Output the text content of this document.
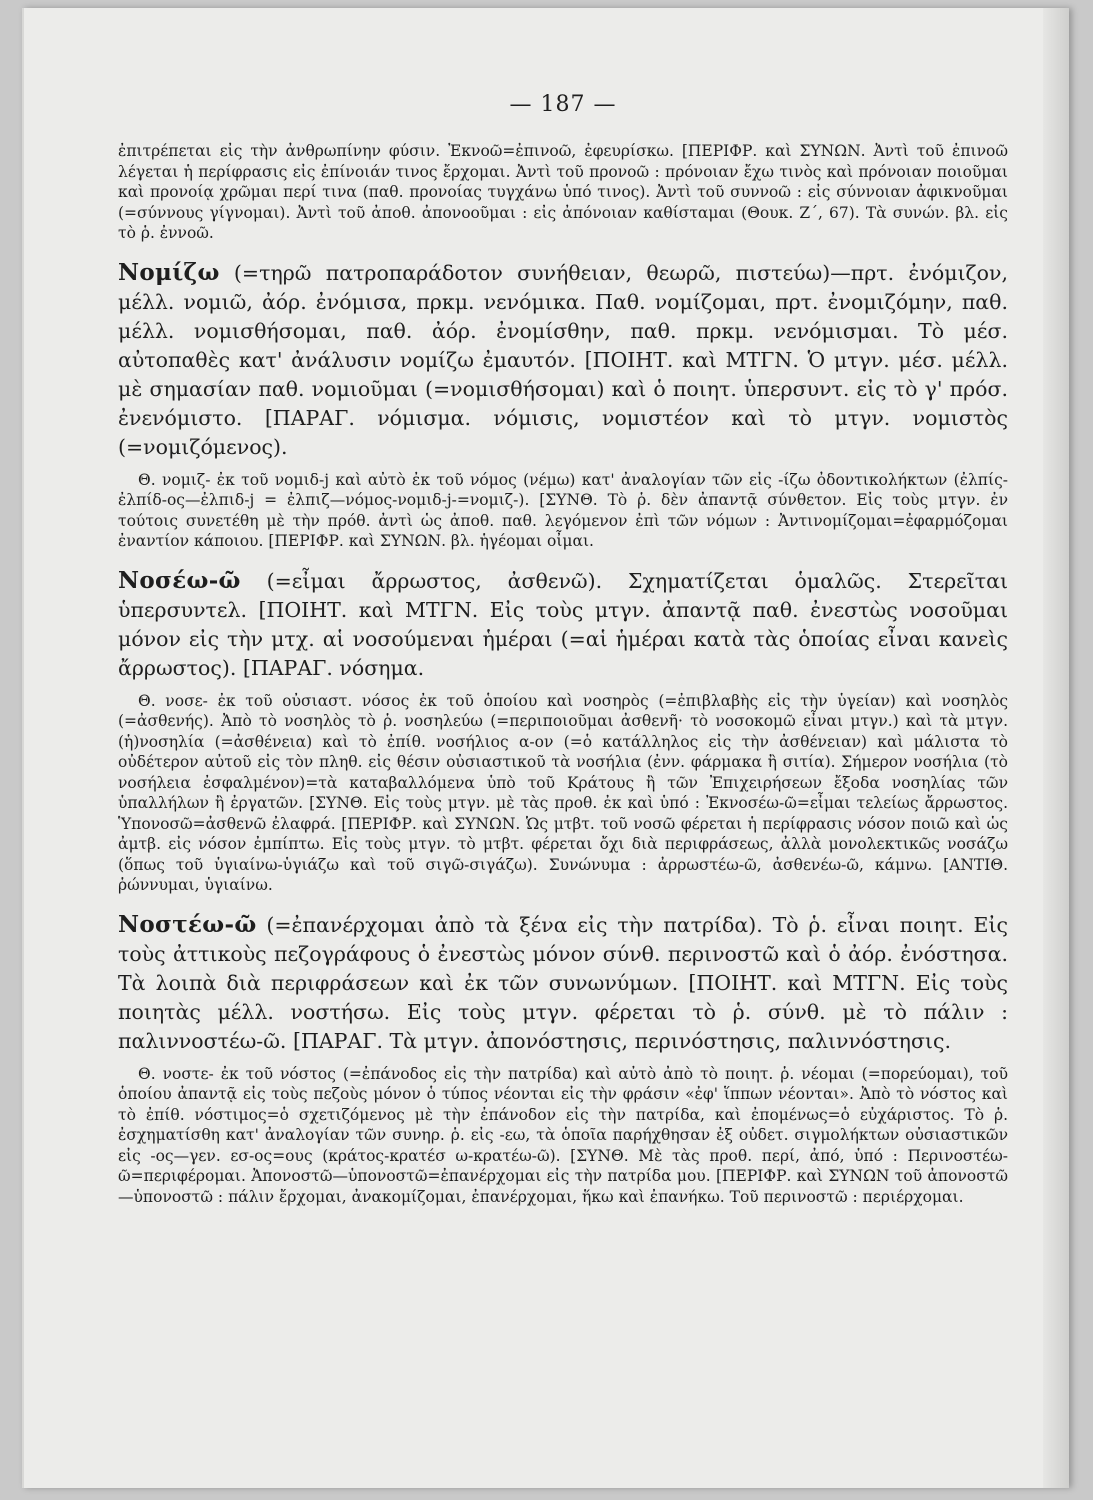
— 187 —

ἐπιτρέπεται εἰς τὴν ἀνθρωπίνην φύσιν. Ἐκνοῶ=ἐπινοῶ, ἐφευρίσκω. [ΠΕΡΙΦΡ. καὶ ΣΥΝΩΝ. Ἀντὶ τοῦ ἐπινοῶ λέγεται ἡ περίφρασις εἰς ἐπίνοιάν τινος ἔρχομαι. Ἀντὶ τοῦ προνοῶ : πρόνοιαν ἔχω τινὸς καὶ πρόνοιαν ποιοῦμαι καὶ προνοίᾳ χρῶμαι περί τινα (παθ. προνοίας τυγχάνω ὑπό τινος). Ἀντὶ τοῦ συννοῶ : εἰς σύννοιαν ἀφικνοῦμαι (=σύννους γίγνομαι). Ἀντὶ τοῦ ἀποθ. ἀπονοοῦμαι : εἰς ἀπόνοιαν καθίσταμαι (Θουκ. Ζ΄, 67). Τὰ συνών. βλ. εἰς τὸ ῥ. ἐννοῶ.

Νομίζω (=τηρῶ πατροπαράδοτον συνήθειαν, θεωρῶ, πιστεύω)—πρτ. ἐνόμιζον, μέλλ. νομιῶ, ἀόρ. ἐνόμισα, πρκμ. νενόμικα. Παθ. νομίζομαι, πρτ. ἐνομιζόμην, παθ. μέλλ. νομισθήσομαι, παθ. ἀόρ. ἐνομίσθην, παθ. πρκμ. νενόμισμαι. Τὸ μέσ. αὐτοπαθὲς κατ' ἀνάλυσιν νομίζω ἐμαυτόν. [ΠΟΙΗΤ. καὶ ΜΤΓΝ. Ὁ μτγν. μέσ. μέλλ. μὲ σημασίαν παθ. νομιοῦμαι (=νομισθήσομαι) καὶ ὁ ποιητ. ὑπερσυντ. εἰς τὸ γ' πρόσ. ἐνενόμιστο. [ΠΑΡΑΓ. νόμισμα. νόμισις, νομιστέον καὶ τὸ μτγν. νομιστὸς (=νομιζόμενος).

Θ. νομιζ- ἐκ τοῦ νομιδ-j καὶ αὐτὸ ἐκ τοῦ νόμος (νέμω) κατ' ἀναλογίαν τῶν εἰς -ίζω ὀδοντικολήκτων (ἐλπίς-ἐλπίδ-ος—ἐλπιδ-j = ἐλπιζ—νόμος-νομιδ-j-=νομιζ-). [ΣΥΝΘ. Τὸ ῥ. δὲν ἀπαντᾷ σύνθετον. Εἰς τοὺς μτγν. ἐν τούτοις συνετέθη μὲ τὴν πρόθ. ἀντὶ ὡς ἀποθ. παθ. λεγόμενον ἐπὶ τῶν νόμων : Ἀντινομίζομαι=ἐφαρμόζομαι ἐναντίον κάποιου. [ΠΕΡΙΦΡ. καὶ ΣΥΝΩΝ. βλ. ἡγέομαι οἶμαι.

Νοσέω-ῶ (=εἶμαι ἄρρωστος, ἀσθενῶ). Σχηματίζεται ὁμαλῶς. Στερεῖται ὑπερσυντελ. [ΠΟΙΗΤ. καὶ ΜΤΓΝ. Εἰς τοὺς μτγν. ἀπαντᾷ παθ. ἐνεστὼς νοσοῦμαι μόνον εἰς τὴν μτχ. αἱ νοσούμεναι ἡμέραι (=αἱ ἡμέραι κατὰ τὰς ὁποίας εἶναι κανεὶς ἄρρωστος). [ΠΑΡΑΓ. νόσημα.

Θ. νοσε- ἐκ τοῦ οὐσιαστ. νόσος ἐκ τοῦ ὁποίου καὶ νοσηρὸς (=ἐπιβλαβὴς εἰς τὴν ὑγείαν) καὶ νοσηλὸς (=ἀσθενής). Ἀπὸ τὸ νοσηλὸς τὸ ῥ. νοσηλεύω (=περιποιοῦμαι ἀσθενῆ· τὸ νοσοκομῶ εἶναι μτγν.) καὶ τὰ μτγν. (ἡ)νοσηλία (=ἀσθένεια) καὶ τὸ ἐπίθ. νοσήλιος α-ον (=ὁ κατάλληλος εἰς τὴν ἀσθένειαν) καὶ μάλιστα τὸ οὐδέτερον αὐτοῦ εἰς τὸν πληθ. εἰς θέσιν οὐσιαστικοῦ τὰ νοσήλια (ἐνν. φάρμακα ἢ σιτία). Σήμερον νοσήλια (τὸ νοσήλεια ἐσφαλμένον)=τὰ καταβαλλόμενα ὑπὸ τοῦ Κράτους ἢ τῶν Ἐπιχειρήσεων ἔξοδα νοσηλίας τῶν ὑπαλλήλων ἢ ἐργατῶν. [ΣΥΝΘ. Εἰς τοὺς μτγν. μὲ τὰς προθ. ἐκ καὶ ὑπό : Ἐκνοσέω-ῶ=εἶμαι τελείως ἄρρωστος. Ὑπονοσῶ=ἀσθενῶ ἐλαφρά. [ΠΕΡΙΦΡ. καὶ ΣΥΝΩΝ. Ὡς μτβτ. τοῦ νοσῶ φέρεται ἡ περίφρασις νόσον ποιῶ καὶ ὡς ἀμτβ. εἰς νόσον ἐμπίπτω. Εἰς τοὺς μτγν. τὸ μτβτ. φέρεται ὄχι διὰ περιφράσεως, ἀλλὰ μονολεκτικῶς νοσάζω (ὅπως τοῦ ὑγιαίνω-ὑγιάζω καὶ τοῦ σιγῶ-σιγάζω). Συνώνυμα : ἀρρωστέω-ῶ, ἀσθενέω-ῶ, κάμνω. [ΑΝΤΙΘ. ῥώννυμαι, ὑγιαίνω.

Νοστέω-ῶ (=ἐπανέρχομαι ἀπὸ τὰ ξένα εἰς τὴν πατρίδα). Τὸ ῥ. εἶναι ποιητ. Εἰς τοὺς ἀττικοὺς πεζογράφους ὁ ἐνεστὼς μόνον σύνθ. περινοστῶ καὶ ὁ ἀόρ. ἐνόστησα. Τὰ λοιπὰ διὰ περιφράσεων καὶ ἐκ τῶν συνωνύμων. [ΠΟΙΗΤ. καὶ ΜΤΓΝ. Εἰς τοὺς ποιητὰς μέλλ. νοστήσω. Εἰς τοὺς μτγν. φέρεται τὸ ῥ. σύνθ. μὲ τὸ πάλιν : παλιννοστέω-ῶ. [ΠΑΡΑΓ. Τὰ μτγν. ἀπονόστησις, περινόστησις, παλιννόστησις.

Θ. νοστε- ἐκ τοῦ νόστος (=ἐπάνοδος εἰς τὴν πατρίδα) καὶ αὐτὸ ἀπὸ τὸ ποιητ. ῥ. νέομαι (=πορεύομαι), τοῦ ὁποίου ἀπαντᾷ εἰς τοὺς πεζοὺς μόνον ὁ τύπος νέονται εἰς τὴν φράσιν «ἐφ' ἵππων νέονται». Ἀπὸ τὸ νόστος καὶ τὸ ἐπίθ. νόστιμος=ὁ σχετιζόμενος μὲ τὴν ἐπάνοδον εἰς τὴν πατρίδα, καὶ ἐπομένως=ὁ εὐχάριστος. Τὸ ῥ. ἐσχηματίσθη κατ' ἀναλογίαν τῶν συνηρ. ῥ. εἰς -εω, τὰ ὁποῖα παρήχθησαν ἐξ οὐδετ. σιγμολήκτων οὐσιαστικῶν εἰς -ος—γεν. εσ-ος=ους (κράτος-κρατέσ ω-κρατέω-ῶ). [ΣΥΝΘ. Μὲ τὰς προθ. περί, ἀπό, ὑπό : Περινοστέω-ῶ=περιφέρομαι. Ἀπονοστῶ—ὑπονοστῶ=ἐπανέρχομαι εἰς τὴν πατρίδα μου. [ΠΕΡΙΦΡ. καὶ ΣΥΝΩΝ τοῦ ἀπονοστῶ—ὑπονοστῶ : πάλιν ἔρχομαι, ἀνακομίζομαι, ἐπανέρχομαι, ἥκω καὶ ἐπανήκω. Τοῦ περινοστῶ : περιέρχομαι.
